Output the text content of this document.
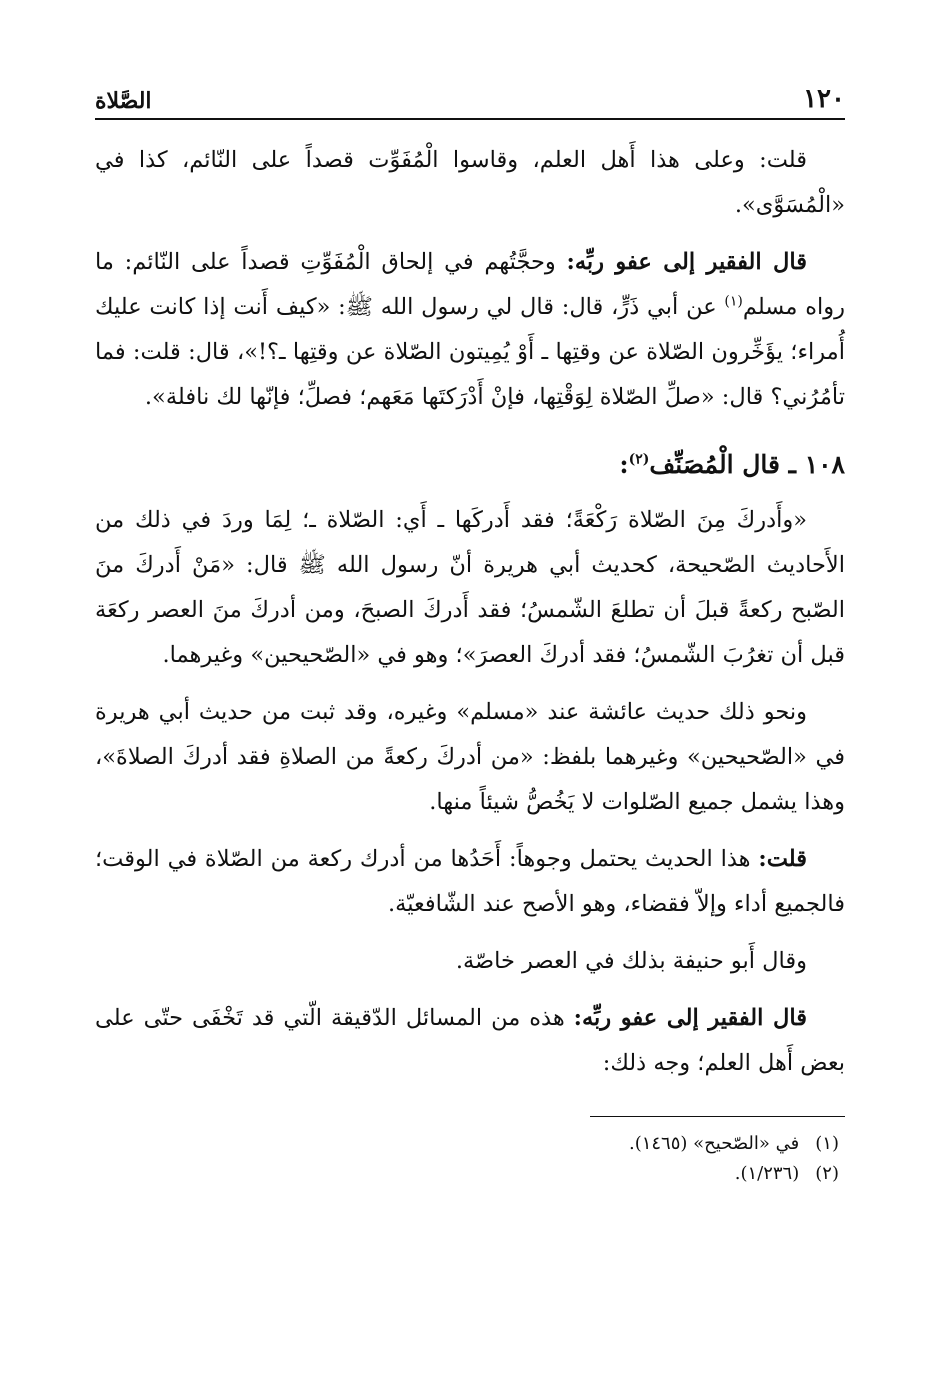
١٢٠
الصَّلاة

قلت: وعلى هذا أَهل العلم، وقاسوا الْمُفَوِّت قصداً على النّائم، كذا في «الْمُسَوَّى».

قال الفقير إلى عفو ربِّه: وحجَّتُهم في إلحاق الْمُفَوِّتِ قصداً على النّائم: ما رواه مسلم$^{(١)}$ عن أبي ذَرٍّ، قال: قال لي رسول الله ﷺ: «كيف أَنت إذا كانت عليك أُمراء؛ يؤَخِّرون الصّلاة عن وقتِها ـ أَوْ يُمِيتون الصّلاة عن وقتِها ـ؟!»، قال: قلت: فما تأمُرُني؟ قال: «صلِّ الصّلاة لِوَقْتِها، فإنْ أَدْرَكتَها مَعَهم؛ فصلِّ؛ فإنّها لك نافلة».

١٠٨ ـ قال الْمُصَنِّف$^{(٢)}$:

«وأَدركَ مِنَ الصّلاة رَكْعَةً؛ فقد أَدركَها ـ أَي: الصّلاة ـ؛ لِمَا وردَ في ذلك من الأَحاديث الصّحيحة، كحديث أبي هريرة أنّ رسول الله ﷺ قال: «مَنْ أَدركَ منَ الصّبح ركعةً قبلَ أن تطلعَ الشّمسُ؛ فقد أَدركَ الصبحَ، ومن أدركَ منَ العصر ركعَة قبل أن تغرُبَ الشّمسُ؛ فقد أدركَ العصرَ»؛ وهو في «الصّحيحين» وغيرهما.

ونحو ذلك حديث عائشة عند «مسلم» وغيره، وقد ثبت من حديث أبي هريرة في «الصّحيحين» وغيرهما بلفظ: «من أدركَ ركعةً من الصلاةِ فقد أدركَ الصلاةَ»، وهذا يشمل جميع الصّلوات لا يَخُصُّ شيئاً منها.

قلت: هذا الحديث يحتمل وجوهاً: أَحَدُها من أدرك ركعة من الصّلاة في الوقت؛ فالجميع أداء وإلاّ فقضاء، وهو الأصح عند الشّافعيّة.

وقال أَبو حنيفة بذلك في العصر خاصّة.

قال الفقير إلى عفو ربِّه: هذه من المسائل الدّقيقة الّتي قد تَخْفَى حتّى على بعض أَهل العلم؛ وجه ذلك:

(١) في «الصّحيح» (١٤٦٥).
(٢) (١/٢٣٦).
